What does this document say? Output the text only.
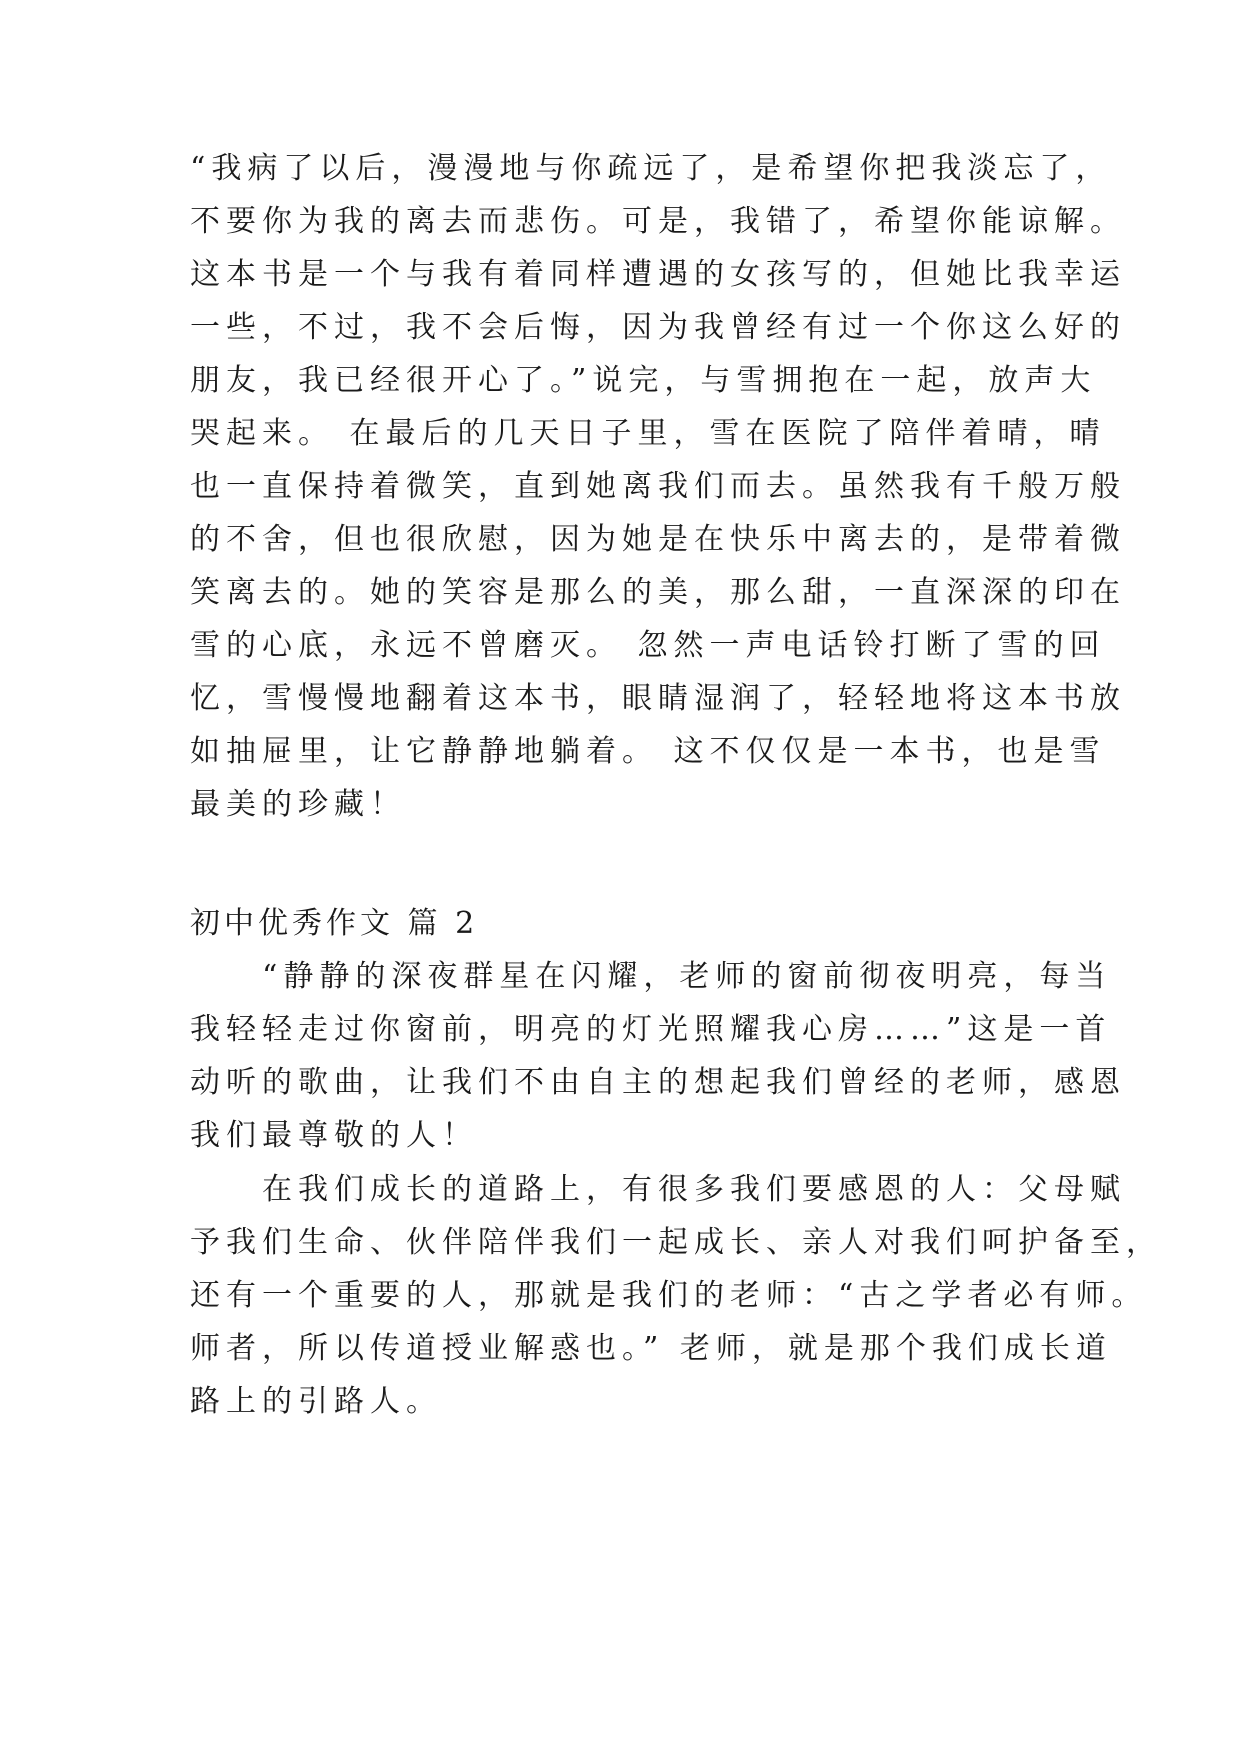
“我病了以后，漫漫地与你疏远了，是希望你把我淡忘了，
不要你为我的离去而悲伤。可是，我错了，希望你能谅解。
这本书是一个与我有着同样遭遇的女孩写的，但她比我幸运
一些，不过，我不会后悔，因为我曾经有过一个你这么好的
朋友，我已经很开心了。”说完，与雪拥抱在一起，放声大
哭起来。 在最后的几天日子里，雪在医院了陪伴着晴，晴
也一直保持着微笑，直到她离我们而去。虽然我有千般万般
的不舍，但也很欣慰，因为她是在快乐中离去的，是带着微
笑离去的。她的笑容是那么的美，那么甜，一直深深的印在
雪的心底，永远不曾磨灭。 忽然一声电话铃打断了雪的回
忆，雪慢慢地翻着这本书，眼睛湿润了，轻轻地将这本书放
如抽屉里，让它静静地躺着。 这不仅仅是一本书，也是雪
最美的珍藏！
初中优秀作文 篇 2
　　“静静的深夜群星在闪耀，老师的窗前彻夜明亮，每当
我轻轻走过你窗前，明亮的灯光照耀我心房……”这是一首
动听的歌曲，让我们不由自主的想起我们曾经的老师，感恩
我们最尊敬的人！
　　在我们成长的道路上，有很多我们要感恩的人：父母赋
予我们生命、伙伴陪伴我们一起成长、亲人对我们呵护备至，
还有一个重要的人，那就是我们的老师：“古之学者必有师。
师者，所以传道授业解惑也。” 老师，就是那个我们成长道
路上的引路人。
